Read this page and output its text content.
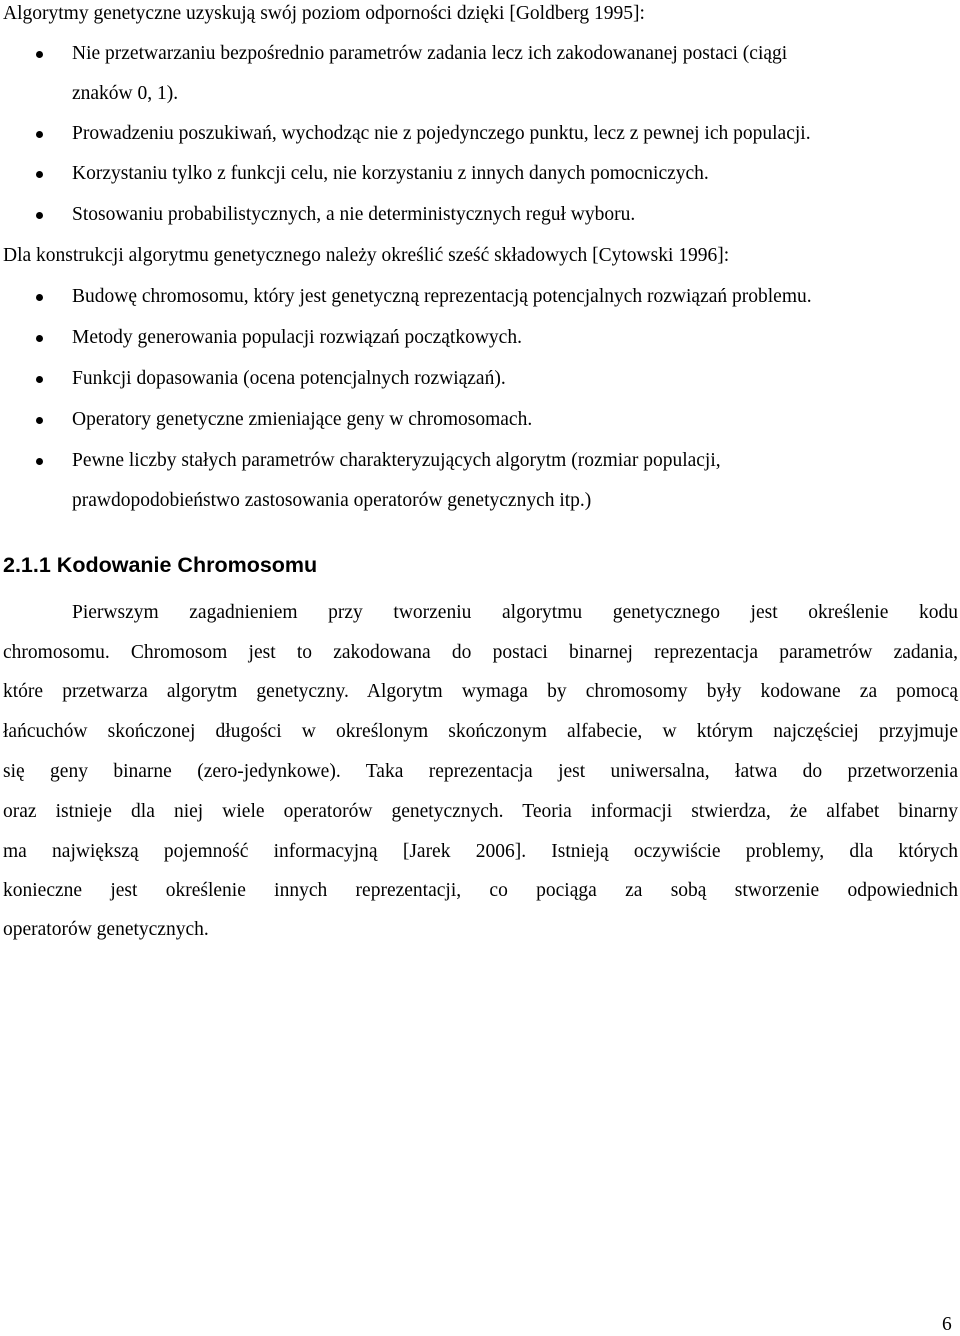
Algorytmy genetyczne uzyskują swój poziom odporności dzięki [Goldberg 1995]:
Nie przetwarzaniu bezpośrednio parametrów zadania lecz ich zakodowananej postaci (ciągi
znaków 0, 1).
Prowadzeniu poszukiwań, wychodząc nie z pojedynczego punktu, lecz z pewnej ich populacji.
Korzystaniu tylko z funkcji celu, nie korzystaniu z innych danych pomocniczych.
Stosowaniu probabilistycznych, a nie deterministycznych reguł wyboru.
Dla konstrukcji algorytmu genetycznego należy określić sześć składowych [Cytowski 1996]:
Budowę chromosomu, który jest genetyczną reprezentacją potencjalnych rozwiązań problemu.
Metody generowania populacji rozwiązań początkowych.
Funkcji dopasowania (ocena potencjalnych rozwiązań).
Operatory genetyczne zmieniające geny w chromosomach.
Pewne liczby stałych parametrów charakteryzujących algorytm (rozmiar populacji,
prawdopodobieństwo zastosowania operatorów genetycznych itp.)
2.1.1 Kodowanie Chromosomu
Pierwszym zagadnieniem przy tworzeniu algorytmu genetycznego jest określenie kodu
chromosomu. Chromosom jest to zakodowana do postaci binarnej reprezentacja parametrów zadania,
które przetwarza algorytm genetyczny. Algorytm wymaga by chromosomy były kodowane za pomocą
łańcuchów skończonej długości w określonym skończonym alfabecie, w którym najczęściej przyjmuje
się geny binarne (zero-jedynkowe). Taka reprezentacja jest uniwersalna, łatwa do przetworzenia
oraz istnieje dla niej wiele operatorów genetycznych. Teoria informacji stwierdza, że alfabet binarny
ma największą pojemność informacyjną [Jarek 2006]. Istnieją oczywiście problemy, dla których
konieczne jest określenie innych reprezentacji, co pociąga za sobą stworzenie odpowiednich
operatorów genetycznych.
6
